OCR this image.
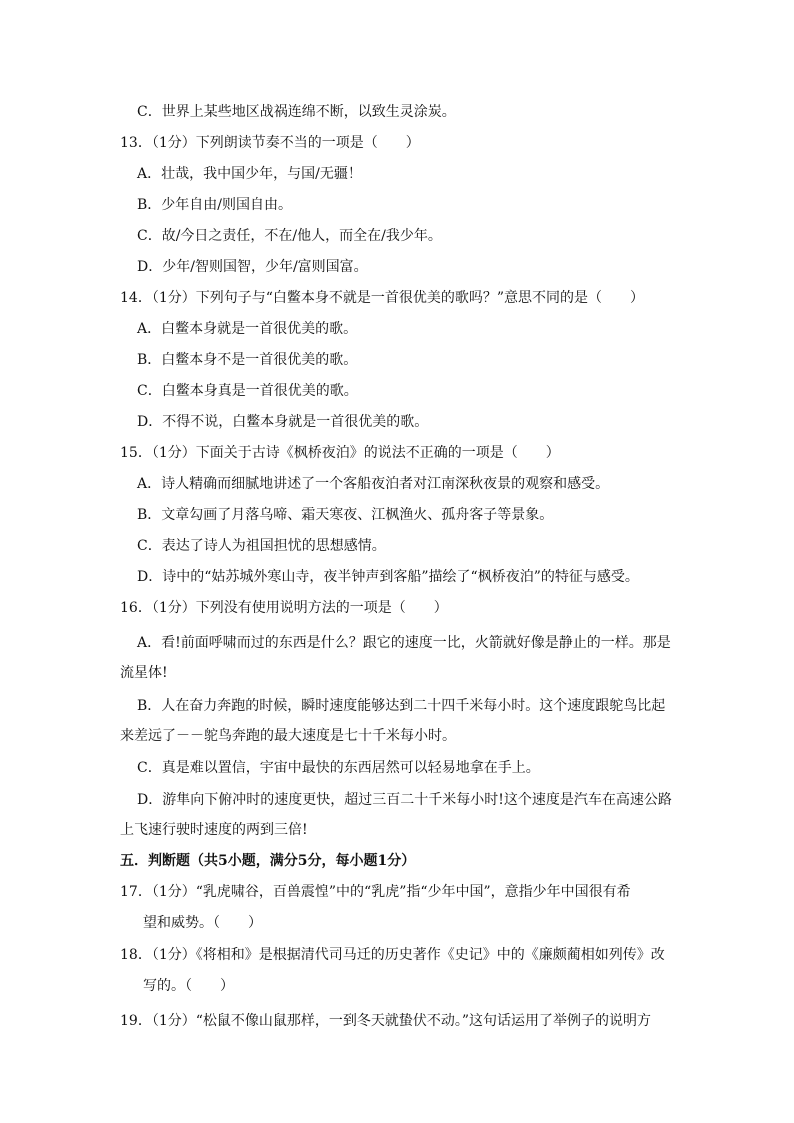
C．世界上某些地区战祸连绵不断，以致生灵涂炭。
13．（1分）下列朗读节奏不当的一项是（　　）
A．壮哉，我中国少年，与国/无疆！
B．少年自由/则国自由。
C．故/今日之责任，不在/他人，而全在/我少年。
D．少年/智则国智，少年/富则国富。
14．（1分）下列句子与“白鳖本身不就是一首很优美的歌吗？”意思不同的是（　　）
A．白鳖本身就是一首很优美的歌。
B．白鳖本身不是一首很优美的歌。
C．白鳖本身真是一首很优美的歌。
D．不得不说，白鳖本身就是一首很优美的歌。
15．（1分）下面关于古诗《枫桥夜泊》的说法不正确的一项是（　　）
A．诗人精确而细腻地讲述了一个客船夜泊者对江南深秋夜景的观察和感受。
B．文章勾画了月落乌啼、霜天寒夜、江枫渔火、孤舟客子等景象。
C．表达了诗人为祖国担忧的思想感情。
D．诗中的“姑苏城外寒山寺，夜半钟声到客船”描绘了“枫桥夜泊”的特征与感受。
16．（1分）下列没有使用说明方法的一项是（　　）
A．看!前面呼啸而过的东西是什么？跟它的速度一比，火箭就好像是静止的一样。那是
流星体!
B．人在奋力奔跑的时候，瞬时速度能够达到二十四千米每小时。这个速度跟鸵鸟比起
来差远了－－鸵鸟奔跑的最大速度是七十千米每小时。
C．真是难以置信，宇宙中最快的东西居然可以轻易地拿在手上。
D．游隼向下俯冲时的速度更快，超过三百二十千米每小时!这个速度是汽车在高速公路
上飞速行驶时速度的两到三倍!
五．判断题（共5小题，满分5分，每小题1分）
17．（1分）“乳虎啸谷，百兽震惶”中的“乳虎”指“少年中国”，意指少年中国很有希
望和威势。（　　）
18．（1分）《将相和》是根据清代司马迁的历史著作《史记》中的《廉颇蔺相如列传》改
写的。（　　）
19．（1分）“松鼠不像山鼠那样，一到冬天就蛰伏不动。”这句话运用了举例子的说明方
